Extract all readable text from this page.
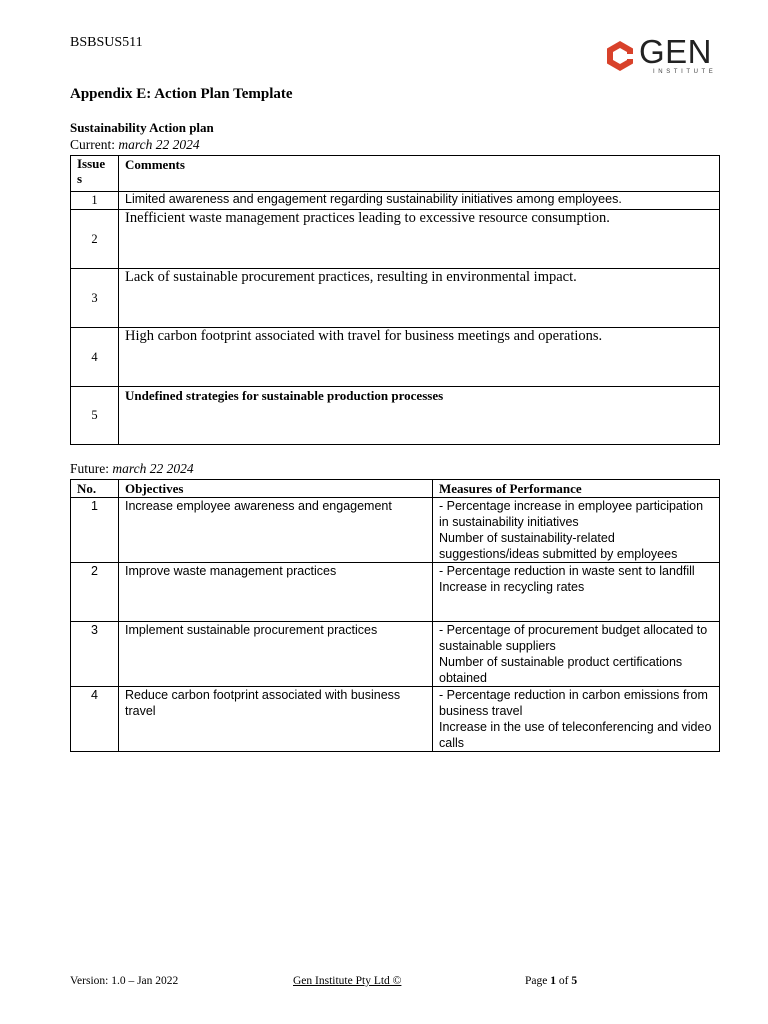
BSBSUS511	GEN
INSTITUTE
Appendix E: Action Plan Template
Sustainability Action plan
Current: march 22 2024
Issue s	Comments
1	Limited awareness and engagement regarding sustainability initiatives among employees.
2	Inefficient waste management practices leading to excessive resource consumption.
3	Lack of sustainable procurement practices, resulting in environmental impact.
4	High carbon footprint associated with travel for business meetings and operations.
5	Undefined strategies for sustainable production processes
Future: march 22 2024
No.	Objectives	Measures of Performance
1	Increase employee awareness and engagement	- Percentage increase in employee participation in sustainability initiatives
Number of sustainability-related suggestions/ideas submitted by employees

2	Improve waste management practices	- Percentage reduction in waste sent to landfill
Increase in recycling rates

3	Implement sustainable procurement practices	- Percentage of procurement budget allocated to sustainable suppliers
Number of sustainable product certifications obtained

4	Reduce carbon footprint associated with business travel	- Percentage reduction in carbon emissions from business travel
Increase in the use of teleconferencing and video calls
Version: 1.0 – Jan 2022	Gen Institute Pty Ltd ©	Page 1 of 5
